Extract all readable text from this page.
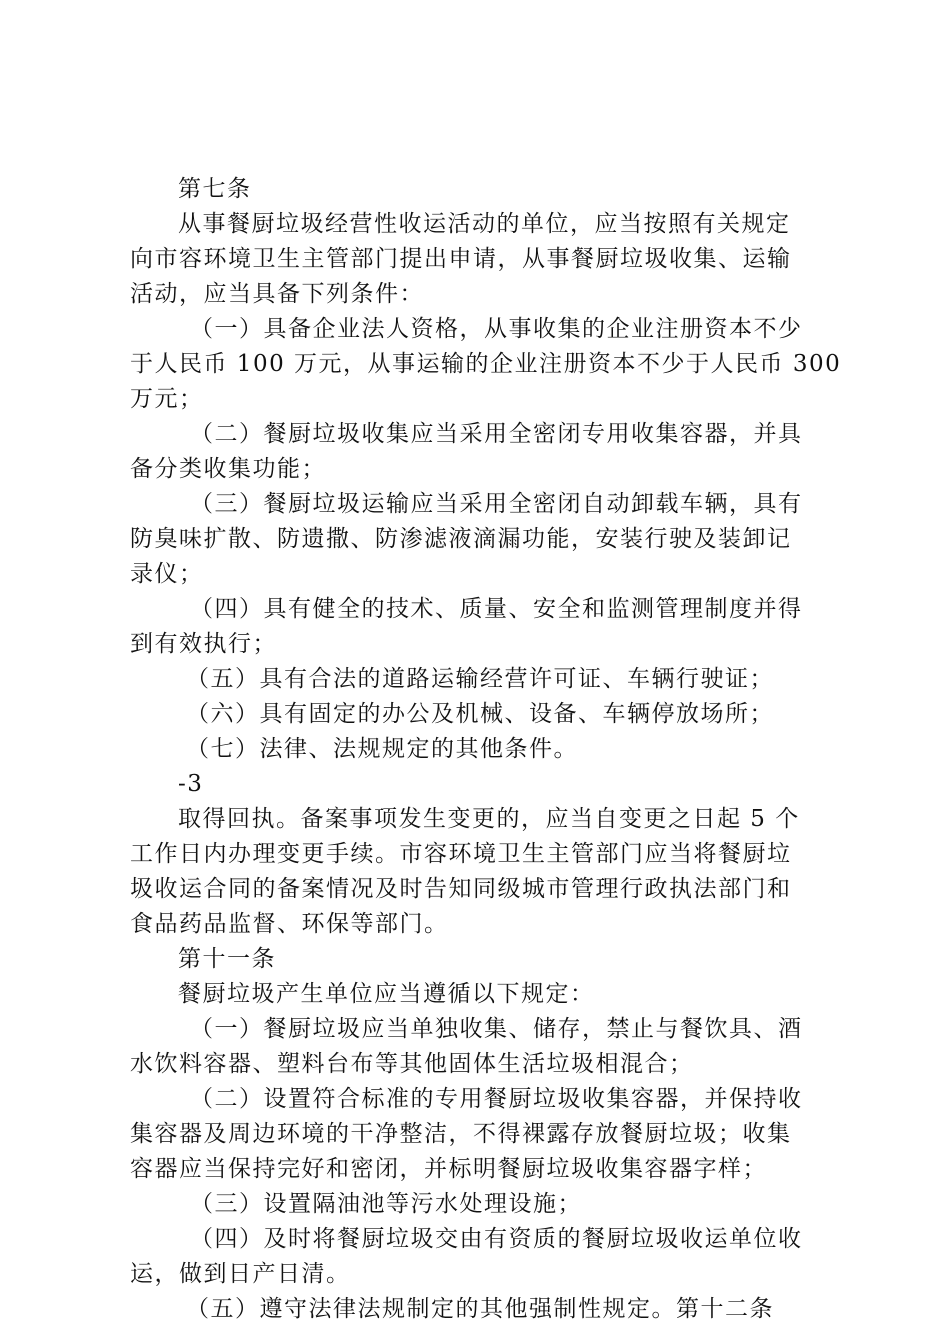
第七条
从事餐厨垃圾经营性收运活动的单位，应当按照有关规定
向市容环境卫生主管部门提出申请，从事餐厨垃圾收集、运输
活动，应当具备下列条件：
（一）具备企业法人资格，从事收集的企业注册资本不少
于人民币 100 万元，从事运输的企业注册资本不少于人民币 300
万元；
（二）餐厨垃圾收集应当采用全密闭专用收集容器，并具
备分类收集功能；
（三）餐厨垃圾运输应当采用全密闭自动卸载车辆，具有
防臭味扩散、防遗撒、防渗滤液滴漏功能，安装行驶及装卸记
录仪；
（四）具有健全的技术、质量、安全和监测管理制度并得
到有效执行；
（五）具有合法的道路运输经营许可证、车辆行驶证；
（六）具有固定的办公及机械、设备、车辆停放场所；
（七）法律、法规规定的其他条件。
-3
取得回执。备案事项发生变更的，应当自变更之日起 5 个
工作日内办理变更手续。市容环境卫生主管部门应当将餐厨垃
圾收运合同的备案情况及时告知同级城市管理行政执法部门和
食品药品监督、环保等部门。
第十一条
餐厨垃圾产生单位应当遵循以下规定：
（一）餐厨垃圾应当单独收集、储存，禁止与餐饮具、酒
水饮料容器、塑料台布等其他固体生活垃圾相混合；
（二）设置符合标准的专用餐厨垃圾收集容器，并保持收
集容器及周边环境的干净整洁，不得裸露存放餐厨垃圾；收集
容器应当保持完好和密闭，并标明餐厨垃圾收集容器字样；
（三）设置隔油池等污水处理设施；
（四）及时将餐厨垃圾交由有资质的餐厨垃圾收运单位收
运，做到日产日清。
（五）遵守法律法规制定的其他强制性规定。第十二条
